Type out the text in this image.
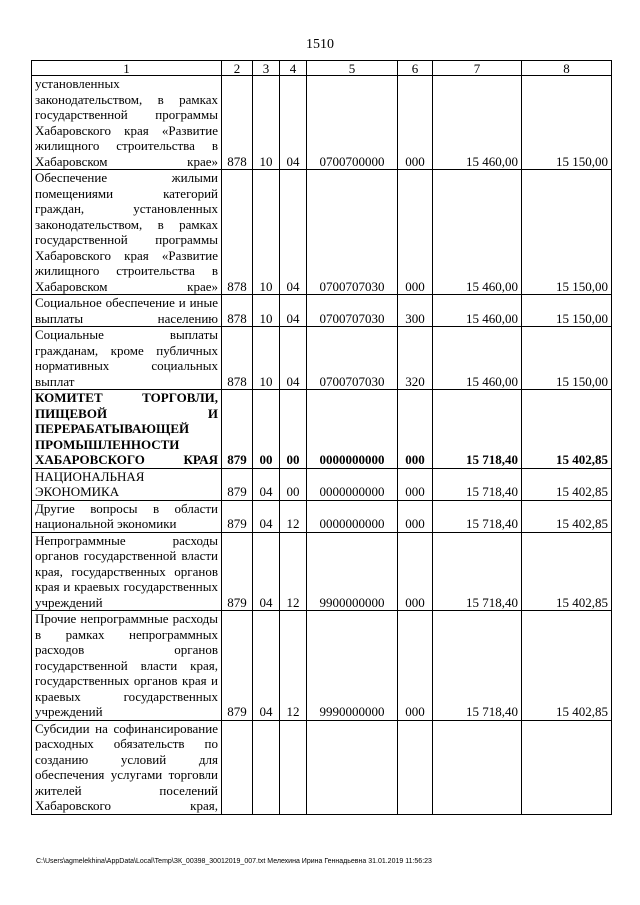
1510
1	2	3	4	5	6	7	8
установленных законодательством, в рамках государственной программы Хабаровского края «Развитие жилищного строительства в Хабаровском крае»	878	10	04	0700700000	000	15 460,00	15 150,00
Обеспечение жилыми помещениями категорий граждан, установленных законодательством, в рамках государственной программы Хабаровского края «Развитие жилищного строительства в Хабаровском крае»	878	10	04	0700707030	000	15 460,00	15 150,00
Социальное обеспечение и иные выплаты населению	878	10	04	0700707030	300	15 460,00	15 150,00
Социальные выплаты гражданам, кроме публичных нормативных социальных выплат	878	10	04	0700707030	320	15 460,00	15 150,00
КОМИТЕТ ТОРГОВЛИ, ПИЩЕВОЙ И ПЕРЕРАБАТЫВАЮЩЕЙ ПРОМЫШЛЕННОСТИ ХАБАРОВСКОГО КРАЯ	879	00	00	0000000000	000	15 718,40	15 402,85
НАЦИОНАЛЬНАЯ ЭКОНОМИКА	879	04	00	0000000000	000	15 718,40	15 402,85
Другие вопросы в области национальной экономики	879	04	12	0000000000	000	15 718,40	15 402,85
Непрограммные расходы органов государственной власти края, государственных органов края и краевых государственных учреждений	879	04	12	9900000000	000	15 718,40	15 402,85
Прочие непрограммные расходы в рамках непрограммных расходов органов государственной власти края, государственных органов края и краевых государственных учреждений	879	04	12	9990000000	000	15 718,40	15 402,85
Субсидии на софинансирование расходных обязательств по созданию условий для обеспечения услугами торговли жителей поселений Хабаровского края,							
C:\Users\agmelekhina\AppData\Local\Temp\ЗК_00398_30012019_007.txt Мелехина Ирина Геннадьевна 31.01.2019 11:56:23
